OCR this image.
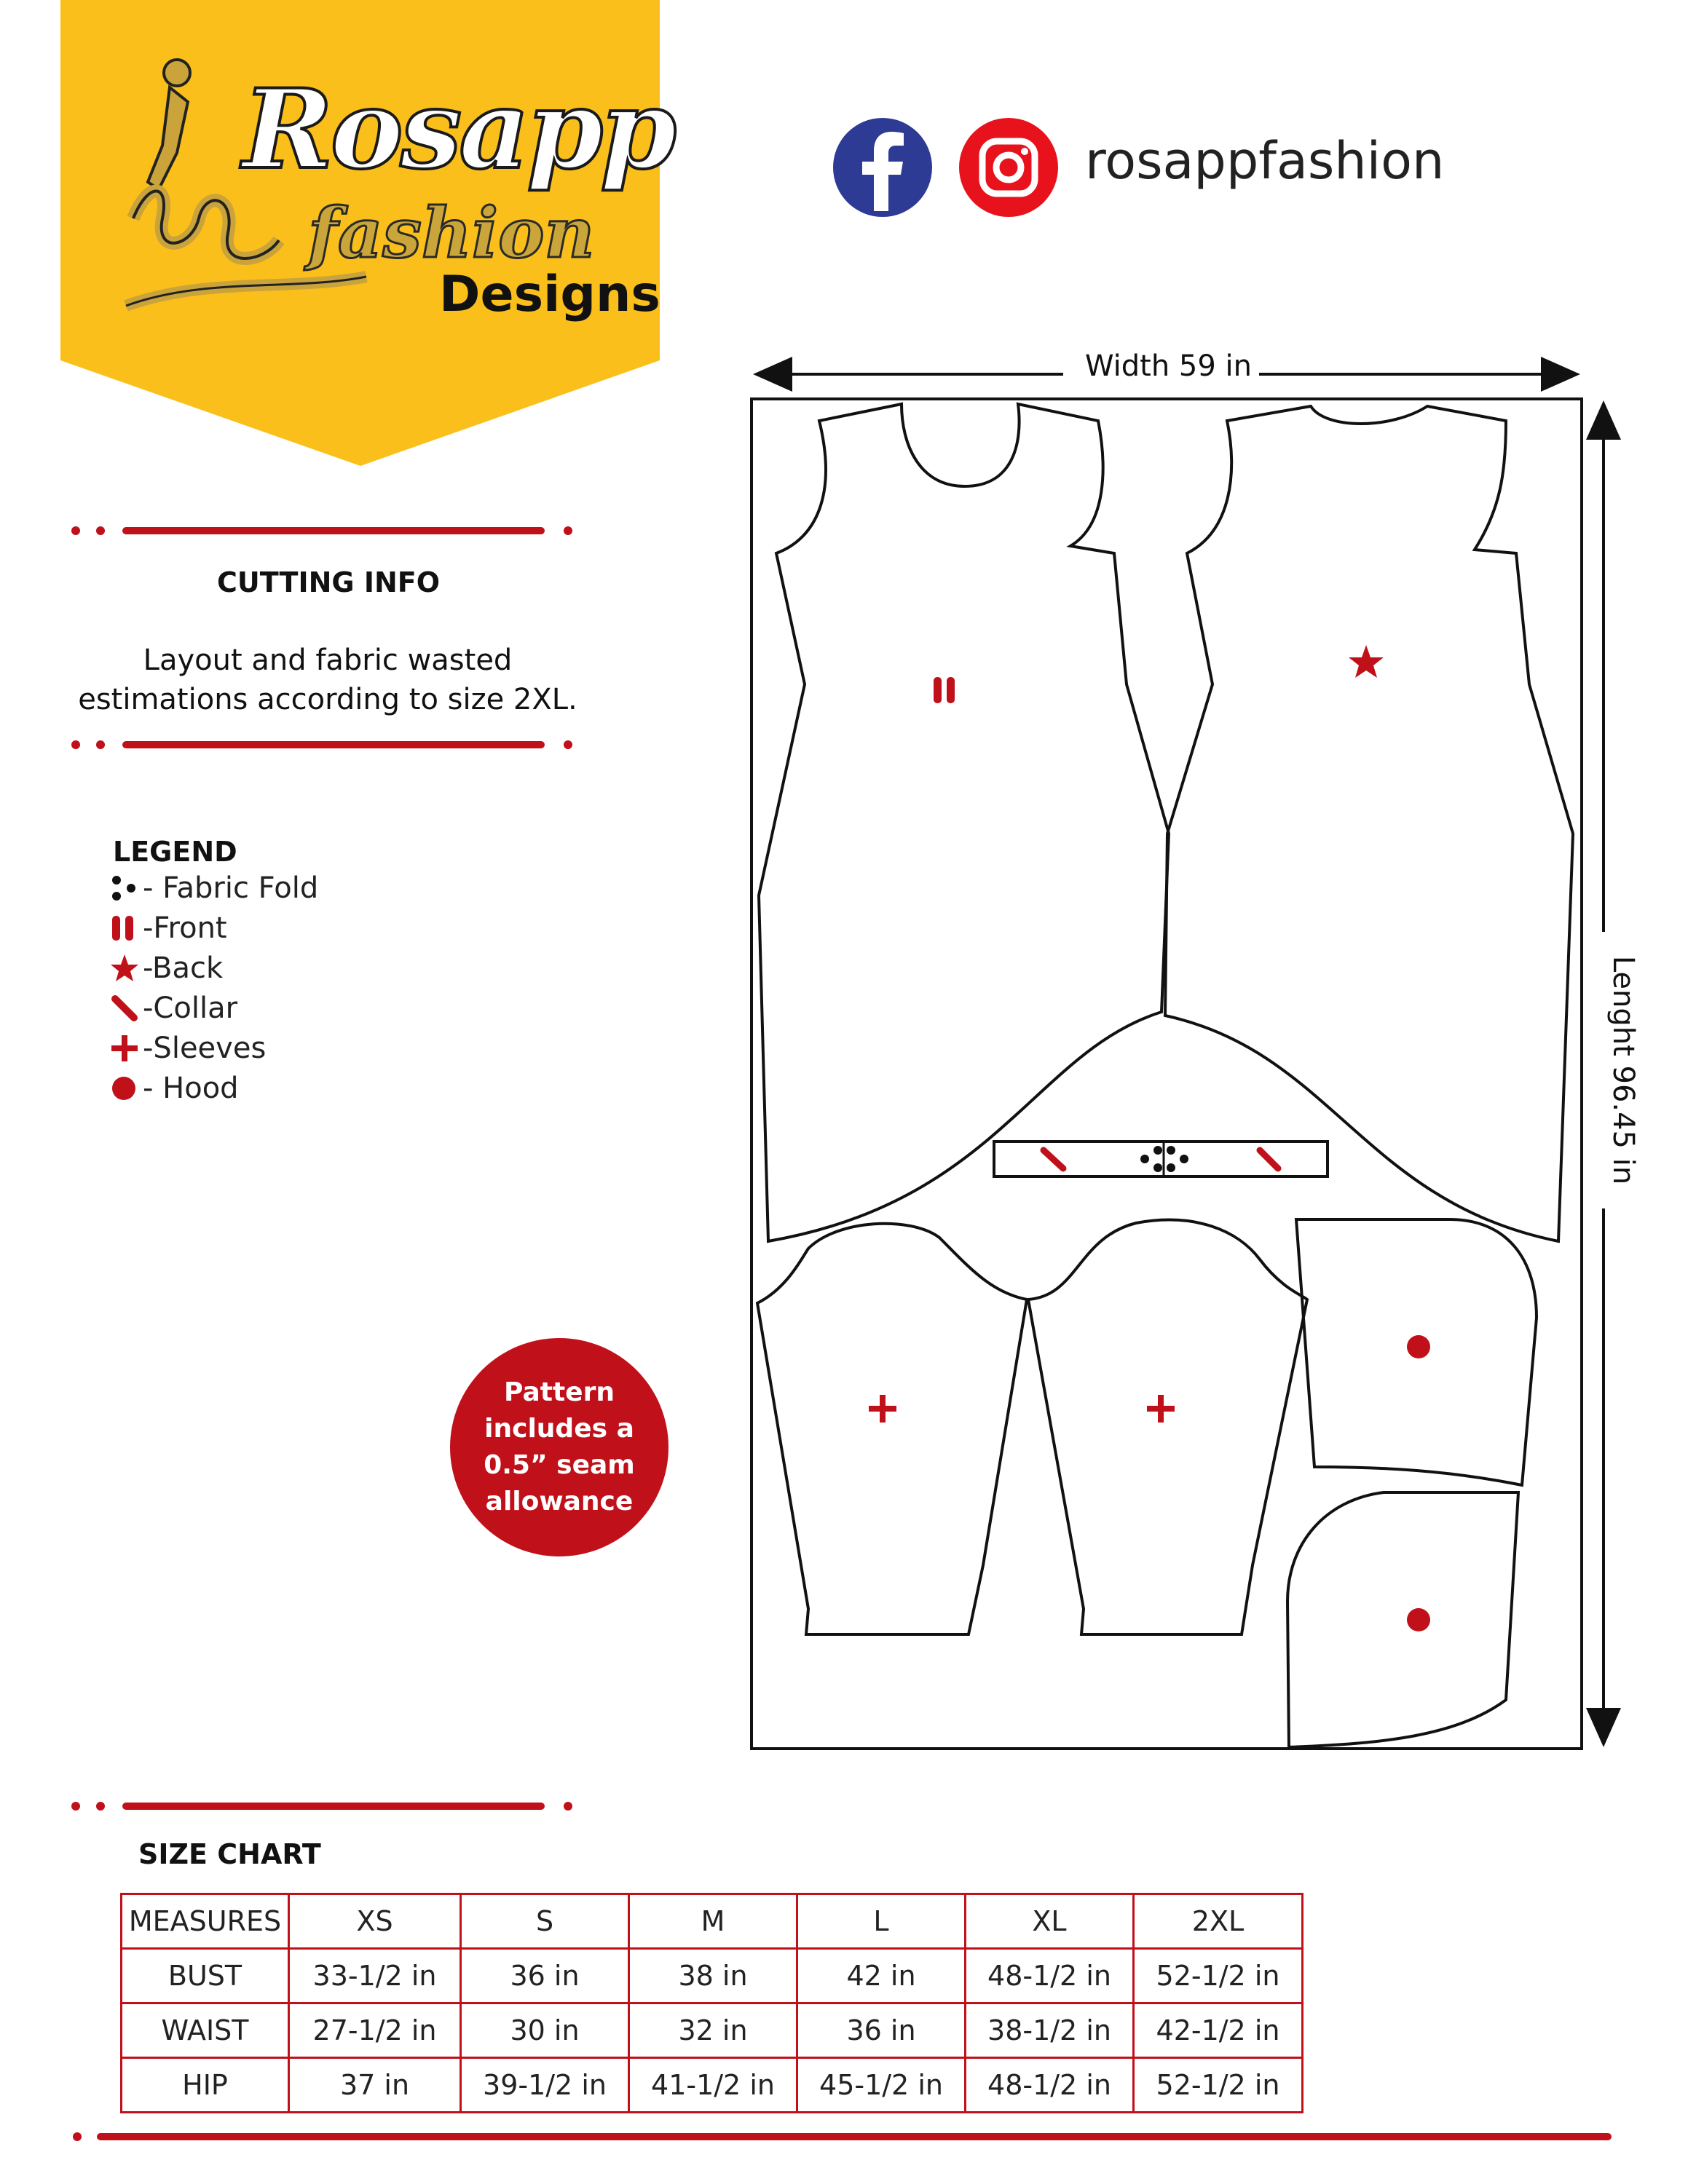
Rosapp
fashion
Designs
rosappfashion
CUTTING INFO
Layout and fabric wasted
estimations according to size 2XL.
LEGEND
- Fabric Fold
-Front
-Back
-Collar
-Sleeves
- Hood
Pattern includes a 0.5” seam allowance
Width 59 in
Lenght 96.45 in
SIZE CHART
MEASURES	XS	S	M	L	XL	2XL
BUST	33-1/2 in	36 in	38 in	42 in	48-1/2 in	52-1/2 in
WAIST	27-1/2 in	30 in	32 in	36 in	38-1/2 in	42-1/2 in
HIP	37 in	39-1/2 in	41-1/2 in	45-1/2 in	48-1/2 in	52-1/2 in
